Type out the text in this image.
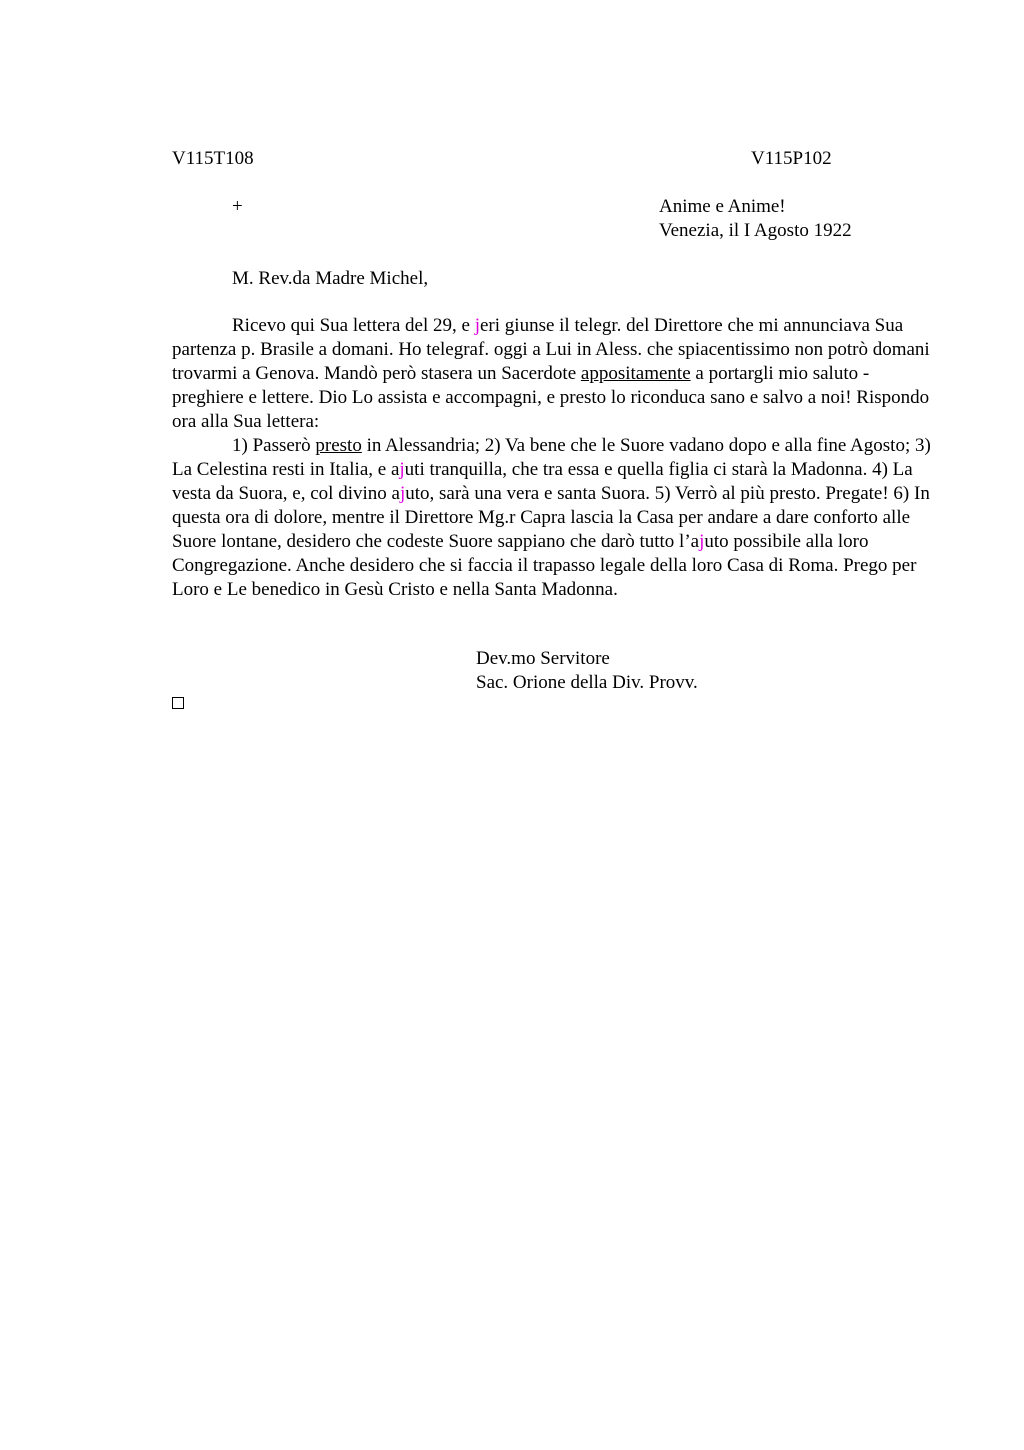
V115T108	V115P102
+	Anime e Anime!
Venezia, il I Agosto 1922
M. Rev.da Madre Michel,

Ricevo qui Sua lettera del 29, e jeri giunse il telegr. del Direttore che mi annunciava Sua partenza p. Brasile a domani. Ho telegraf. oggi a Lui in Aless. che spiacentissimo non potrò domani trovarmi a Genova. Mandò però stasera un Sacerdote appositamente a portargli mio saluto - preghiere e lettere. Dio Lo assista e accompagni, e presto lo riconduca sano e salvo a noi! Rispondo ora alla Sua lettera:

1) Passerò presto in Alessandria; 2) Va bene che le Suore vadano dopo e alla fine Agosto; 3) La Celestina resti in Italia, e ajuti tranquilla, che tra essa e quella figlia ci starà la Madonna. 4) La vesta da Suora, e, col divino ajuto, sarà una vera e santa Suora. 5) Verrò al più presto. Pregate! 6) In questa ora di dolore, mentre il Direttore Mg.r Capra lascia la Casa per andare a dare conforto alle Suore lontane, desidero che codeste Suore sappiano che darò tutto l’ajuto possibile alla loro Congregazione. Anche desidero che si faccia il trapasso legale della loro Casa di Roma. Prego per Loro e Le benedico in Gesù Cristo e nella Santa Madonna.

Dev.mo Servitore
Sac. Orione della Div. Provv.
